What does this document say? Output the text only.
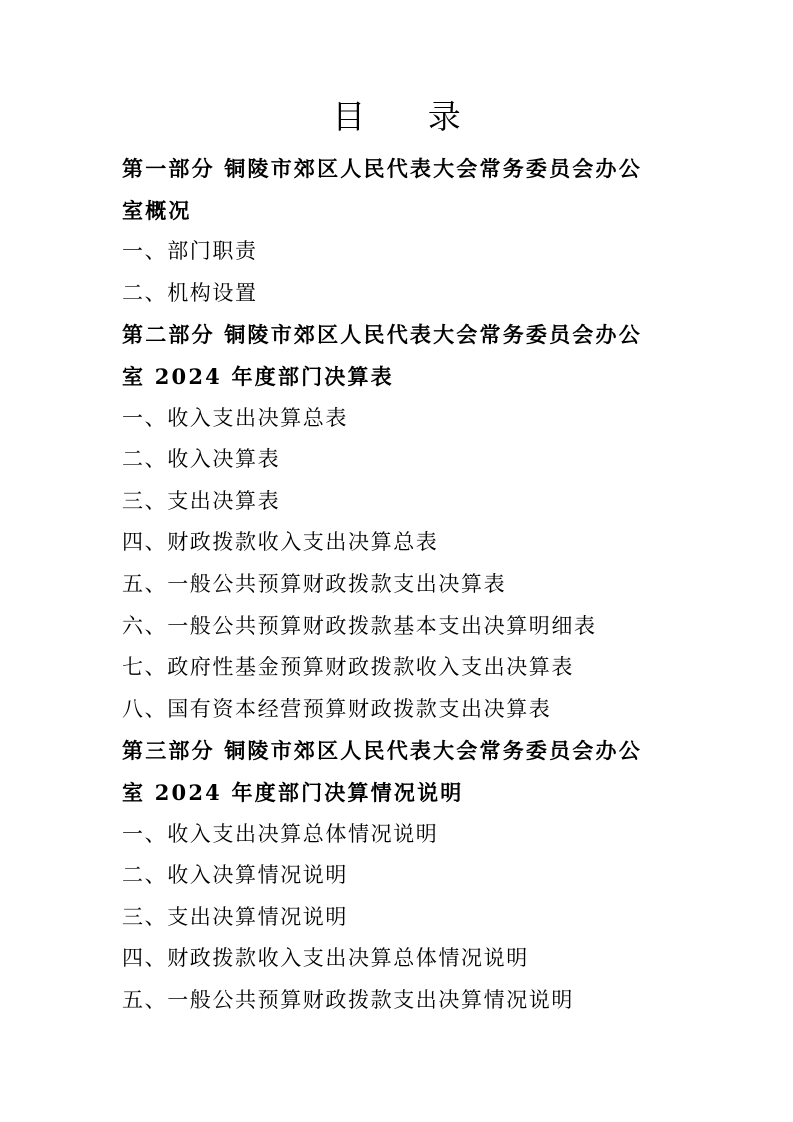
目 录
第一部分 铜陵市郊区人民代表大会常务委员会办公
室概况
一、部门职责
二、机构设置
第二部分 铜陵市郊区人民代表大会常务委员会办公
室 2024 年度部门决算表
一、收入支出决算总表
二、收入决算表
三、支出决算表
四、财政拨款收入支出决算总表
五、一般公共预算财政拨款支出决算表
六、一般公共预算财政拨款基本支出决算明细表
七、政府性基金预算财政拨款收入支出决算表
八、国有资本经营预算财政拨款支出决算表
第三部分 铜陵市郊区人民代表大会常务委员会办公
室 2024 年度部门决算情况说明
一、收入支出决算总体情况说明
二、收入决算情况说明
三、支出决算情况说明
四、财政拨款收入支出决算总体情况说明
五、一般公共预算财政拨款支出决算情况说明
